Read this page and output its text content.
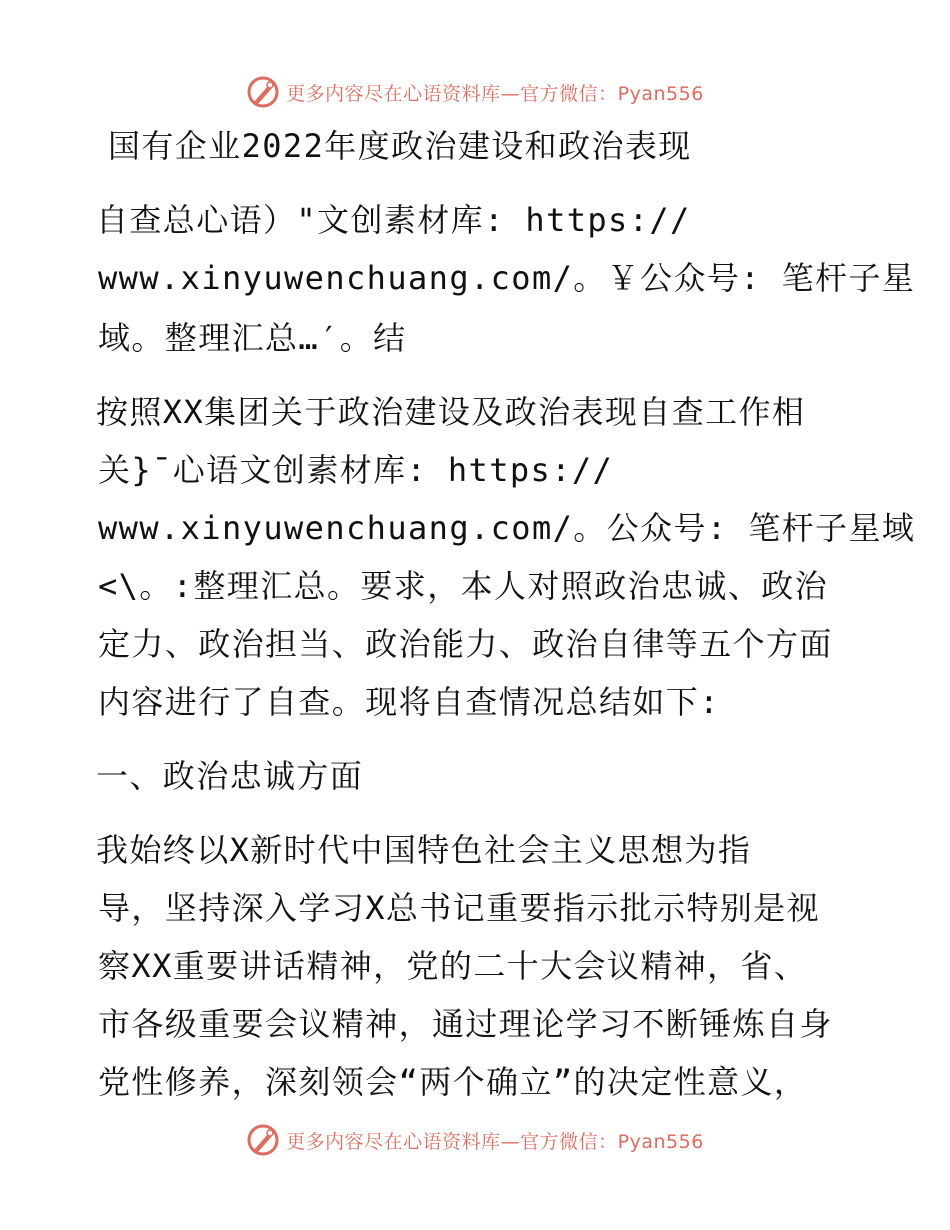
更多内容尽在心语资料库—官方微信：Pyan556
国有企业2022年度政治建设和政治表现
自查总心语）"文创素材库: https://
www.xinyuwenchuang.com/。￥公众号: 笔杆子星
域。整理汇总…′。结
按照XX集团关于政治建设及政治表现自查工作相
关}¯心语文创素材库: https://
www.xinyuwenchuang.com/。公众号: 笔杆子星域
<\。:整理汇总。要求，本人对照政治忠诚、政治
定力、政治担当、政治能力、政治自律等五个方面
内容进行了自查。现将自查情况总结如下:
一、政治忠诚方面
我始终以X新时代中国特色社会主义思想为指
导，坚持深入学习X总书记重要指示批示特别是视
察XX重要讲话精神，党的二十大会议精神，省、
市各级重要会议精神，通过理论学习不断锤炼自身
党性修养，深刻领会“两个确立”的决定性意义，
更多内容尽在心语资料库—官方微信：Pyan556
